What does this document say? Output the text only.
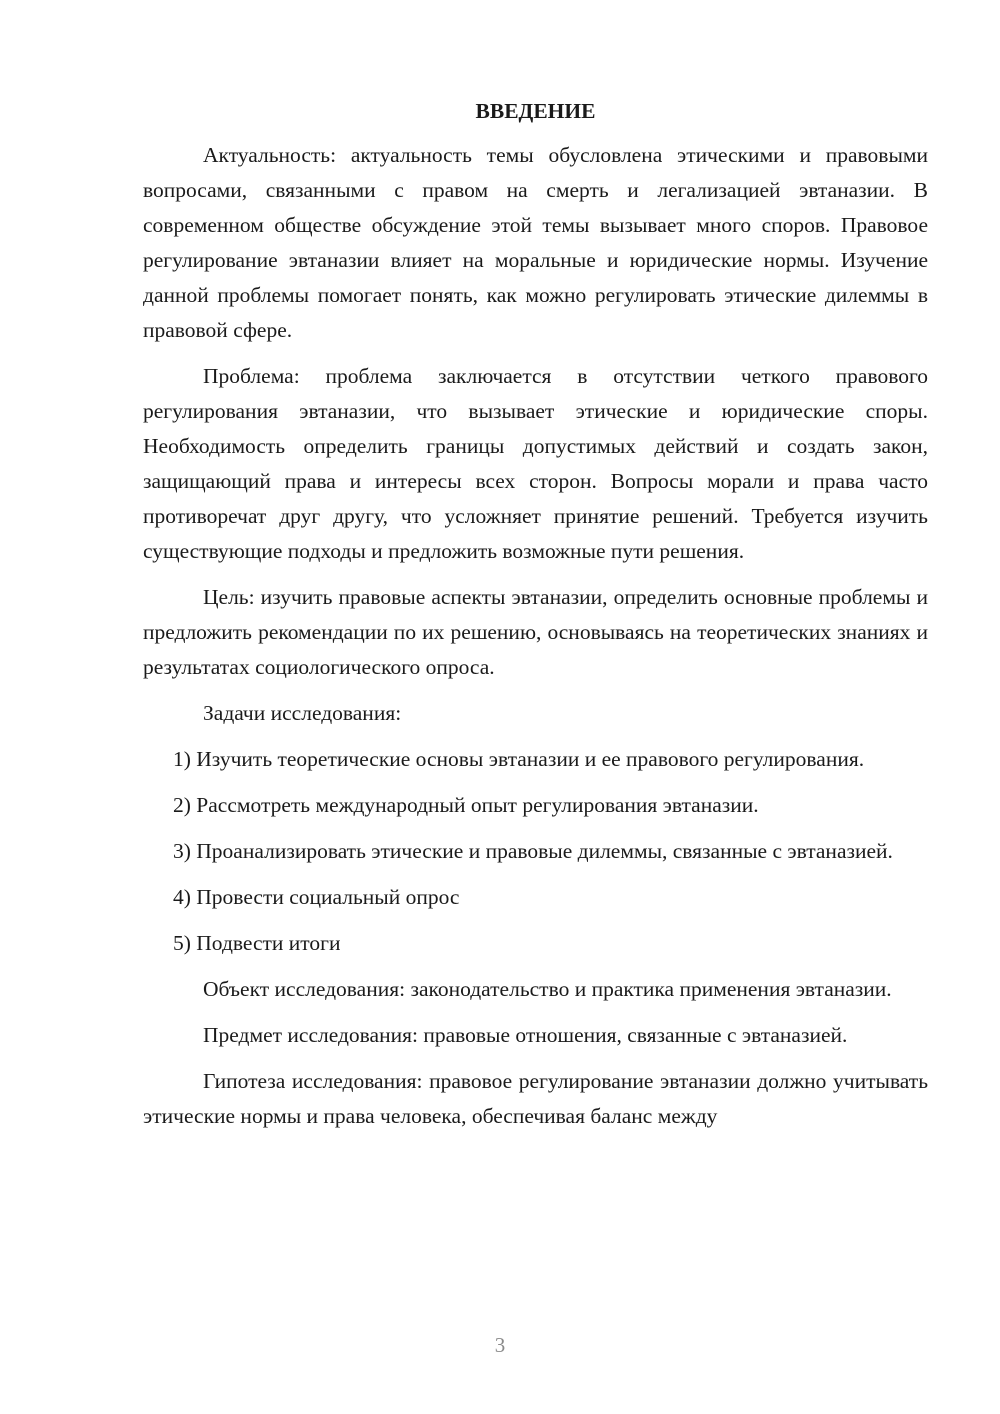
ВВЕДЕНИЕ

Актуальность: актуальность темы обусловлена этическими и правовыми вопросами, связанными с правом на смерть и легализацией эвтаназии. В современном обществе обсуждение этой темы вызывает много споров. Правовое регулирование эвтаназии влияет на моральные и юридические нормы. Изучение данной проблемы помогает понять, как можно регулировать этические дилеммы в правовой сфере.

Проблема: проблема заключается в отсутствии четкого правового регулирования эвтаназии, что вызывает этические и юридические споры. Необходимость определить границы допустимых действий и создать закон, защищающий права и интересы всех сторон. Вопросы морали и права часто противоречат друг другу, что усложняет принятие решений. Требуется изучить существующие подходы и предложить возможные пути решения.

Цель: изучить правовые аспекты эвтаназии, определить основные проблемы и предложить рекомендации по их решению, основываясь на теоретических знаниях и результатах социологического опроса.

Задачи исследования:

1) Изучить теоретические основы эвтаназии и ее правового регулирования.

2) Рассмотреть международный опыт регулирования эвтаназии.

3) Проанализировать этические и правовые дилеммы, связанные с эвтаназией.

4) Провести социальный опрос

5) Подвести итоги

Объект исследования: законодательство и практика применения эвтаназии.

Предмет исследования: правовые отношения, связанные с эвтаназией.

Гипотеза исследования: правовое регулирование эвтаназии должно учитывать этические нормы и права человека, обеспечивая баланс между

3
